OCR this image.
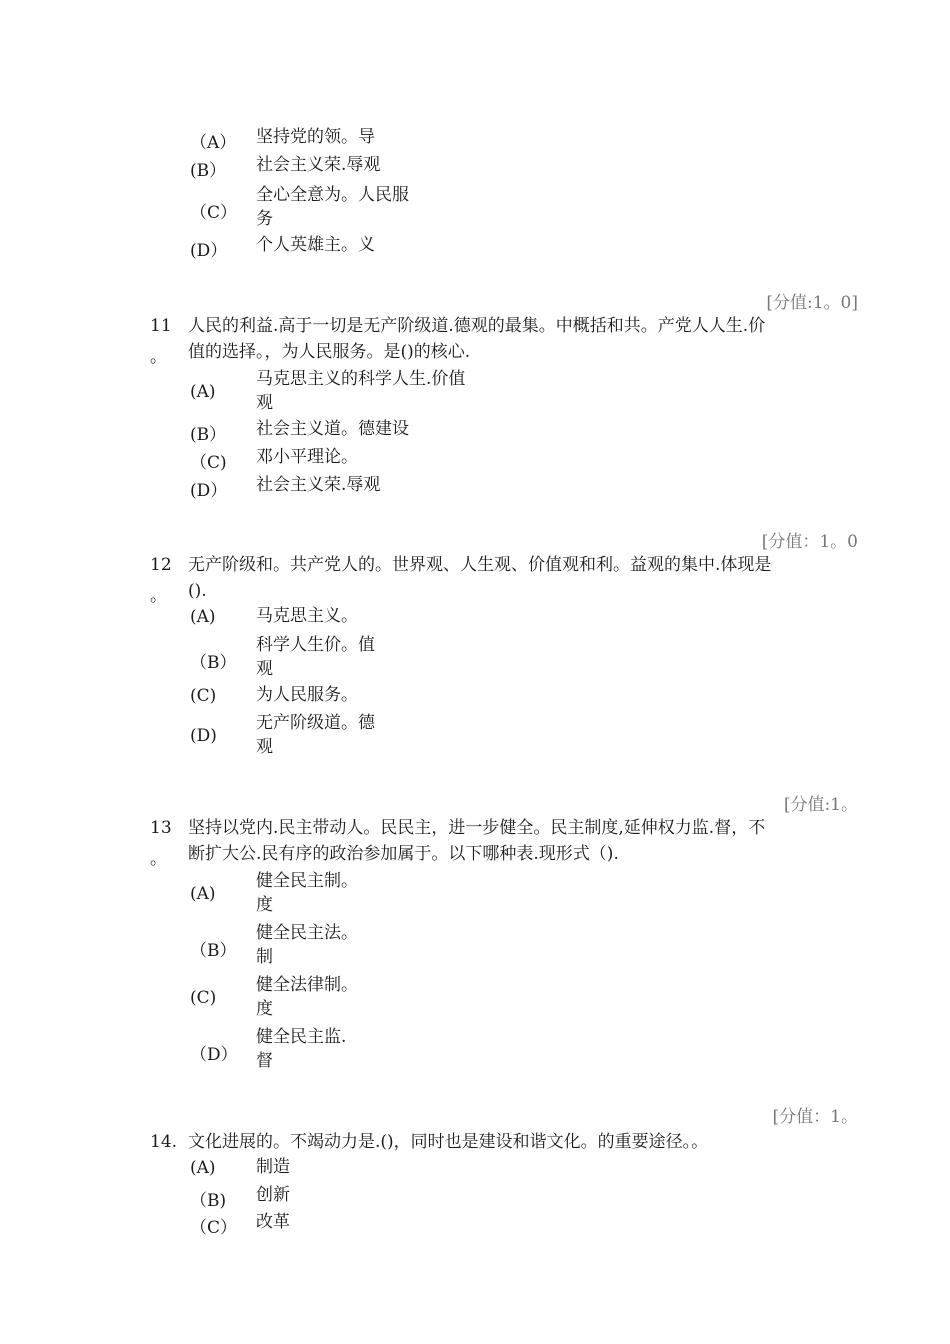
（A） 坚持党的领。导
(B）	社会主义荣.辱观
（C）
全心全意为。人民服
务
(D）	个人英雄主。义
[分值:1。0]
11
。
人民的利益.高于一切是无产阶级道.德观的最集。中概括和共。产党人人生.价
值的选择。，为人民服务。是()的核心.
(A)
马克思主义的科学人生.价值
观
(B）	社会主义道。德建设
（C)	邓小平理论。
(D）	社会主义荣.辱观
[分值：1。0
12
。
无产阶级和。共产党人的。世界观、人生观、价值观和利。益观的集中.体现是
().
(A)	马克思主义。
（B）
科学人生价。值
观
(C)	为人民服务。
(D)
无产阶级道。德
观
[分值:1。
13
。
坚持以党内.民主带动人。民民主，进一步健全。民主制度,延伸权力监.督，不
断扩大公.民有序的政治参加属于。以下哪种表.现形式（).
(A)
健全民主制。
度
（B）
健全民主法。
制
(C)
健全法律制。
度
（D）
健全民主监.
督
[分值：1。
14. 文化进展的。不竭动力是.()，同时也是建设和谐文化。的重要途径。。
(A)	制造
（B)	创新
（C） 改革
